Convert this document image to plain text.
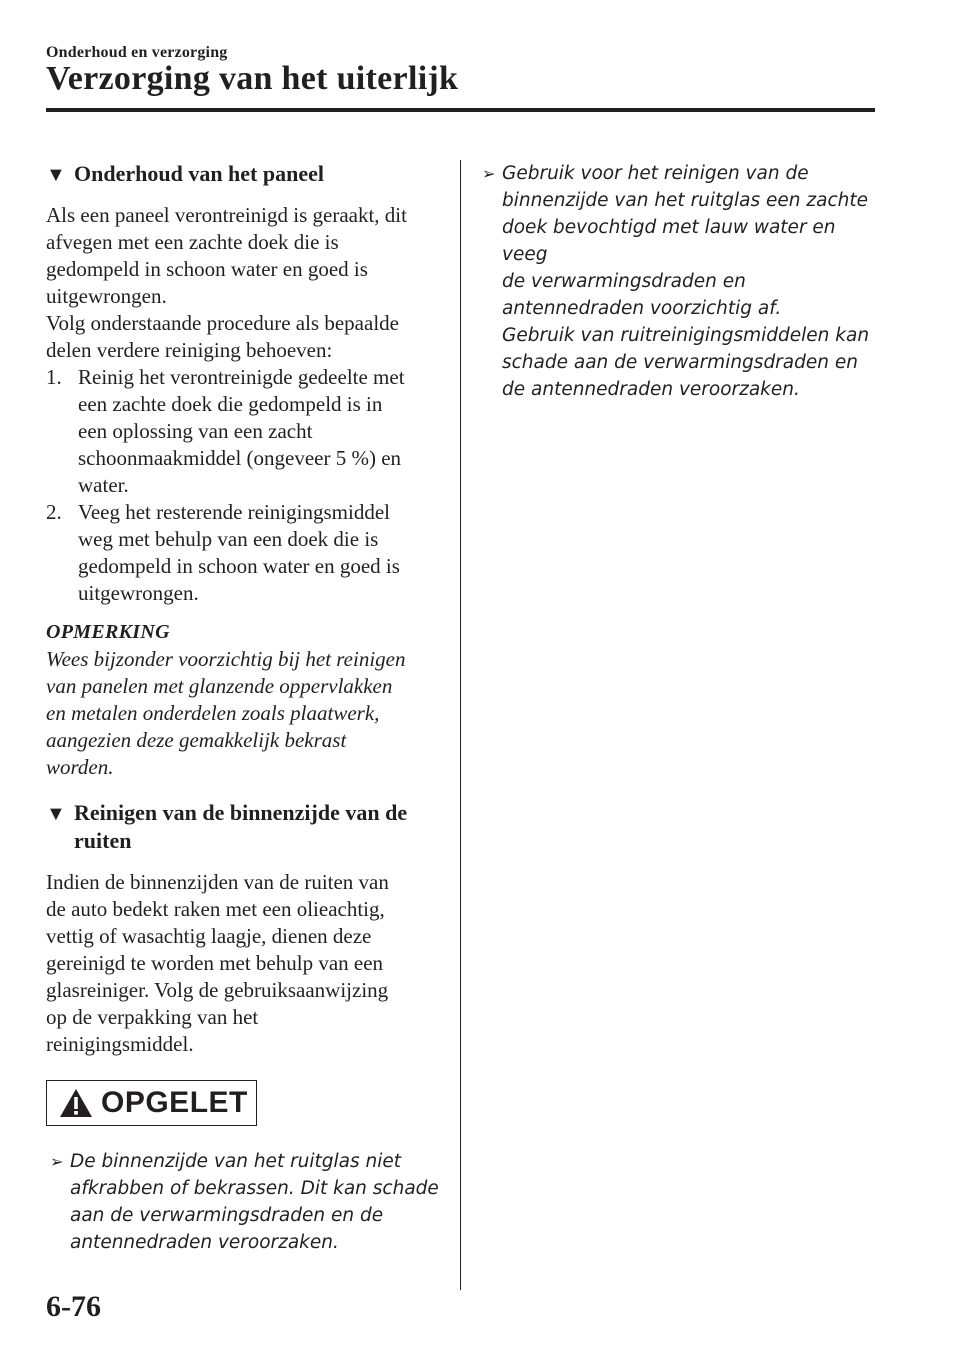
Onderhoud en verzorging
Verzorging van het uiterlijk
▼ Onderhoud van het paneel

Als een paneel verontreinigd is geraakt, dit
afvegen met een zachte doek die is
gedompeld in schoon water en goed is
uitgewrongen.
Volg onderstaande procedure als bepaalde
delen verdere reiniging behoeven:

1. Reinig het verontreinigde gedeelte met
een zachte doek die gedompeld is in
een oplossing van een zacht
schoonmaakmiddel (ongeveer 5 %) en
water.
2. Veeg het resterende reinigingsmiddel
weg met behulp van een doek die is
gedompeld in schoon water en goed is
uitgewrongen.
OPMERKING

Wees bijzonder voorzichtig bij het reinigen
van panelen met glanzende oppervlakken
en metalen onderdelen zoals plaatwerk,
aangezien deze gemakkelijk bekrast
worden.

▼ Reinigen van de binnenzijde van de
ruiten

Indien de binnenzijden van de ruiten van
de auto bedekt raken met een olieachtig,
vettig of wasachtig laagje, dienen deze
gereinigd te worden met behulp van een
glasreiniger. Volg de gebruiksaanwijzing
op de verpakking van het
reinigingsmiddel.

OPGELET

➢ De binnenzijde van het ruitglas niet
afkrabben of bekrassen. Dit kan schade
aan de verwarmingsdraden en de
antennedraden veroorzaken.

➢ Gebruik voor het reinigen van de
binnenzijde van het ruitglas een zachte
doek bevochtigd met lauw water en veeg
de verwarmingsdraden en
antennedraden voorzichtig af.
Gebruik van ruitreinigingsmiddelen kan
schade aan de verwarmingsdraden en
de antennedraden veroorzaken.

6-76
